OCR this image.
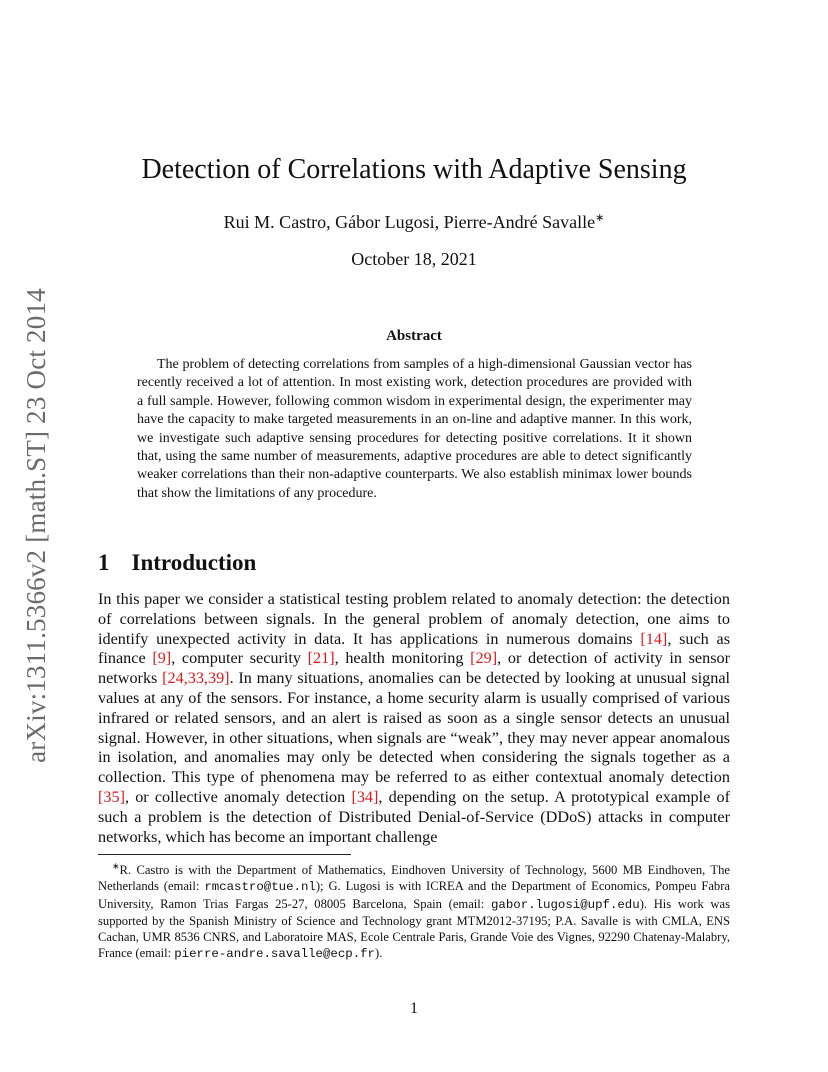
arXiv:1311.5366v2 [math.ST] 23 Oct 2014
Detection of Correlations with Adaptive Sensing
Rui M. Castro, Gábor Lugosi, Pierre-André Savalle∗
October 18, 2021
Abstract
The problem of detecting correlations from samples of a high-dimensional Gaussian vector has recently received a lot of attention. In most existing work, detection procedures are provided with a full sample. However, following common wisdom in experimental design, the experimenter may have the capacity to make targeted measurements in an on-line and adaptive manner. In this work, we investigate such adaptive sensing procedures for detecting positive correlations. It it shown that, using the same number of measurements, adaptive procedures are able to detect significantly weaker correlations than their non-adaptive counterparts. We also establish minimax lower bounds that show the limitations of any procedure.
1 Introduction
In this paper we consider a statistical testing problem related to anomaly detection: the detection of correlations between signals. In the general problem of anomaly detection, one aims to identify unexpected activity in data. It has applications in numerous domains [14], such as finance [9], computer security [21], health monitoring [29], or detection of activity in sensor networks [24,33,39]. In many situations, anomalies can be detected by looking at unusual signal values at any of the sensors. For instance, a home security alarm is usually comprised of various infrared or related sensors, and an alert is raised as soon as a single sensor detects an unusual signal. However, in other situations, when signals are “weak”, they may never appear anomalous in isolation, and anomalies may only be detected when considering the signals together as a collection. This type of phenomena may be referred to as either contextual anomaly detection [35], or collective anomaly detection [34], depending on the setup. A prototypical example of such a problem is the detection of Distributed Denial-of-Service (DDoS) attacks in computer networks, which has become an important challenge
∗R. Castro is with the Department of Mathematics, Eindhoven University of Technology, 5600 MB Eindhoven, The Netherlands (email: rmcastro@tue.nl); G. Lugosi is with ICREA and the Department of Economics, Pompeu Fabra University, Ramon Trias Fargas 25-27, 08005 Barcelona, Spain (email: gabor.lugosi@upf.edu). His work was supported by the Spanish Ministry of Science and Technology grant MTM2012-37195; P.A. Savalle is with CMLA, ENS Cachan, UMR 8536 CNRS, and Laboratoire MAS, Ecole Centrale Paris, Grande Voie des Vignes, 92290 Chatenay-Malabry, France (email: pierre-andre.savalle@ecp.fr).
1
